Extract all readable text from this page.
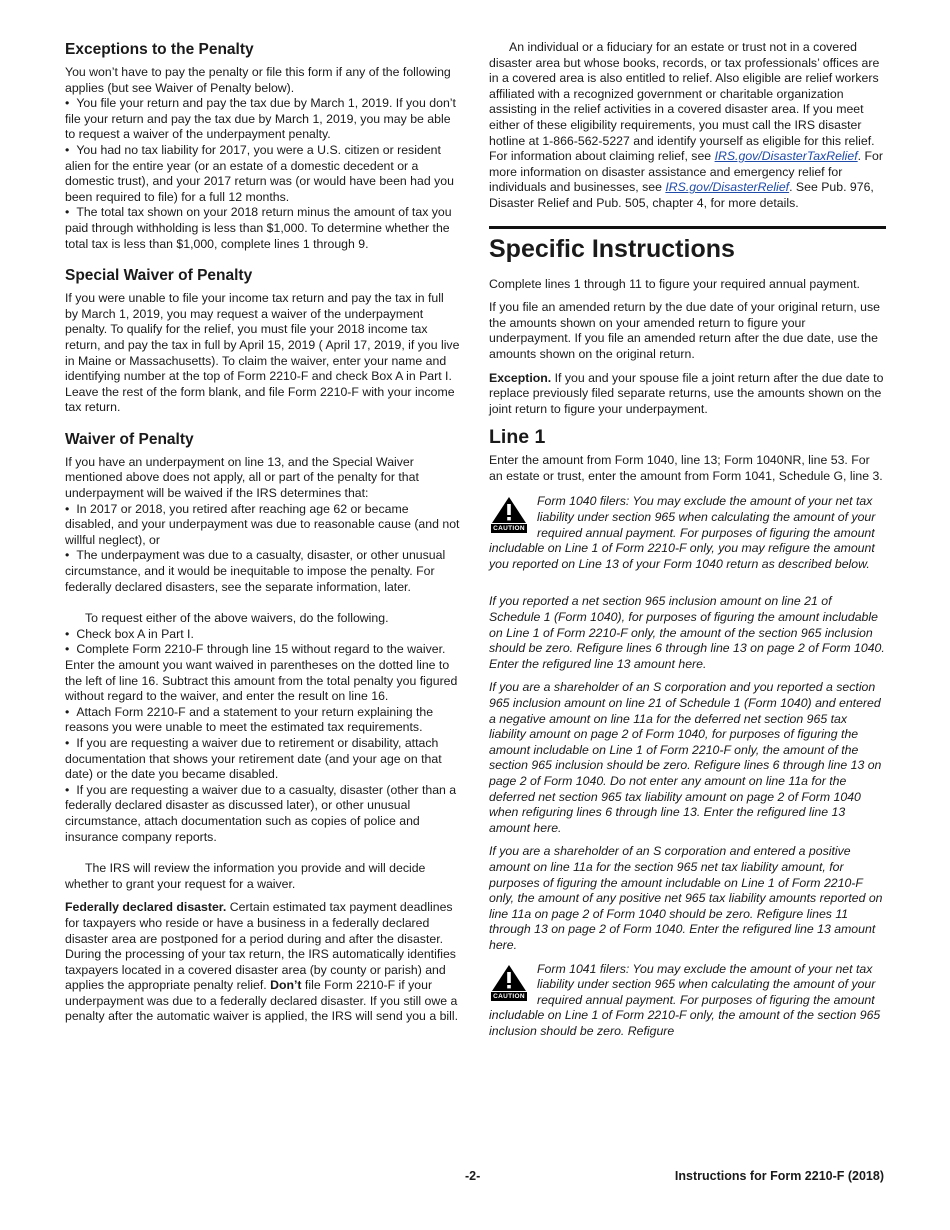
Exceptions to the Penalty

You won’t have to pay the penalty or file this form if any of the following applies (but see Waiver of Penalty below).

• You file your return and pay the tax due by March 1, 2019. If you don’t file your return and pay the tax due by March 1, 2019, you may be able to request a waiver of the underpayment penalty.

• You had no tax liability for 2017, you were a U.S. citizen or resident alien for the entire year (or an estate of a domestic decedent or a domestic trust), and your 2017 return was (or would have been had you been required to file) for a full 12 months.

• The total tax shown on your 2018 return minus the amount of tax you paid through withholding is less than $1,000. To determine whether the total tax is less than $1,000, complete lines 1 through 9.

Special Waiver of Penalty

If you were unable to file your income tax return and pay the tax in full by March 1, 2019, you may request a waiver of the underpayment penalty. To qualify for the relief, you must file your 2018 income tax return, and pay the tax in full by April 15, 2019 ( April 17, 2019, if you live in Maine or Massachusetts). To claim the waiver, enter your name and identifying number at the top of Form 2210-F and check Box A in Part I. Leave the rest of the form blank, and file Form 2210-F with your income tax return.

Waiver of Penalty

If you have an underpayment on line 13, and the Special Waiver mentioned above does not apply, all or part of the penalty for that underpayment will be waived if the IRS determines that:

• In 2017 or 2018, you retired after reaching age 62 or became disabled, and your underpayment was due to reasonable cause (and not willful neglect), or

• The underpayment was due to a casualty, disaster, or other unusual circumstance, and it would be inequitable to impose the penalty. For federally declared disasters, see the separate information, later.

To request either of the above waivers, do the following.

• Check box A in Part I.

• Complete Form 2210-F through line 15 without regard to the waiver. Enter the amount you want waived in parentheses on the dotted line to the left of line 16. Subtract this amount from the total penalty you figured without regard to the waiver, and enter the result on line 16.

• Attach Form 2210-F and a statement to your return explaining the reasons you were unable to meet the estimated tax requirements.

• If you are requesting a waiver due to retirement or disability, attach documentation that shows your retirement date (and your age on that date) or the date you became disabled.

• If you are requesting a waiver due to a casualty, disaster (other than a federally declared disaster as discussed later), or other unusual circumstance, attach documentation such as copies of police and insurance company reports.

The IRS will review the information you provide and will decide whether to grant your request for a waiver.

Federally declared disaster. Certain estimated tax payment deadlines for taxpayers who reside or have a business in a federally declared disaster area are postponed for a period during and after the disaster. During the processing of your tax return, the IRS automatically identifies taxpayers located in a covered disaster area (by county or parish) and applies the appropriate penalty relief. Don’t file Form 2210-F if your underpayment was due to a federally declared disaster. If you still owe a penalty after the automatic waiver is applied, the IRS will send you a bill.

An individual or a fiduciary for an estate or trust not in a covered disaster area but whose books, records, or tax professionals’ offices are in a covered area is also entitled to relief. Also eligible are relief workers affiliated with a recognized government or charitable organization assisting in the relief activities in a covered disaster area. If you meet either of these eligibility requirements, you must call the IRS disaster hotline at 1-866-562-5227 and identify yourself as eligible for this relief. For information about claiming relief, see IRS.gov/DisasterTaxRelief. For more information on disaster assistance and emergency relief for individuals and businesses, see IRS.gov/DisasterRelief. See Pub. 976, Disaster Relief and Pub. 505, chapter 4, for more details.

Specific Instructions

Complete lines 1 through 11 to figure your required annual payment.

If you file an amended return by the due date of your original return, use the amounts shown on your amended return to figure your underpayment. If you file an amended return after the due date, use the amounts shown on the original return.

Exception. If you and your spouse file a joint return after the due date to replace previously filed separate returns, use the amounts shown on the joint return to figure your underpayment.

Line 1

Enter the amount from Form 1040, line 13; Form 1040NR, line 53. For an estate or trust, enter the amount from Form 1041, Schedule G, line 3.

CAUTION
Form 1040 filers: You may exclude the amount of your net tax liability under section 965 when calculating the amount of your required annual payment. For purposes of figuring the amount includable on Line 1 of Form 2210-F only, you may refigure the amount you reported on Line 13 of your Form 1040 return as described below.

If you reported a net section 965 inclusion amount on line 21 of Schedule 1 (Form 1040), for purposes of figuring the amount includable on Line 1 of Form 2210-F only, the amount of the section 965 inclusion should be zero. Refigure lines 6 through line 13 on page 2 of Form 1040. Enter the refigured line 13 amount here.

If you are a shareholder of an S corporation and you reported a section 965 inclusion amount on line 21 of Schedule 1 (Form 1040) and entered a negative amount on line 11a for the deferred net section 965 tax liability amount on page 2 of Form 1040, for purposes of figuring the amount includable on Line 1 of Form 2210-F only, the amount of the section 965 inclusion should be zero. Refigure lines 6 through line 13 on page 2 of Form 1040. Do not enter any amount on line 11a for the deferred net section 965 tax liability amount on page 2 of Form 1040 when refiguring lines 6 through line 13. Enter the refigured line 13 amount here.

If you are a shareholder of an S corporation and entered a positive amount on line 11a for the section 965 net tax liability amount, for purposes of figuring the amount includable on Line 1 of Form 2210-F only, the amount of any positive net 965 tax liability amounts reported on line 11a on page 2 of Form 1040 should be zero. Refigure lines 11 through 13 on page 2 of Form 1040. Enter the refigured line 13 amount here.

CAUTION
Form 1041 filers: You may exclude the amount of your net tax liability under section 965 when calculating the amount of your required annual payment. For purposes of figuring the amount includable on Line 1 of Form 2210-F only, the amount of the section 965 inclusion should be zero. Refigure
-2-	Instructions for Form 2210-F (2018)
